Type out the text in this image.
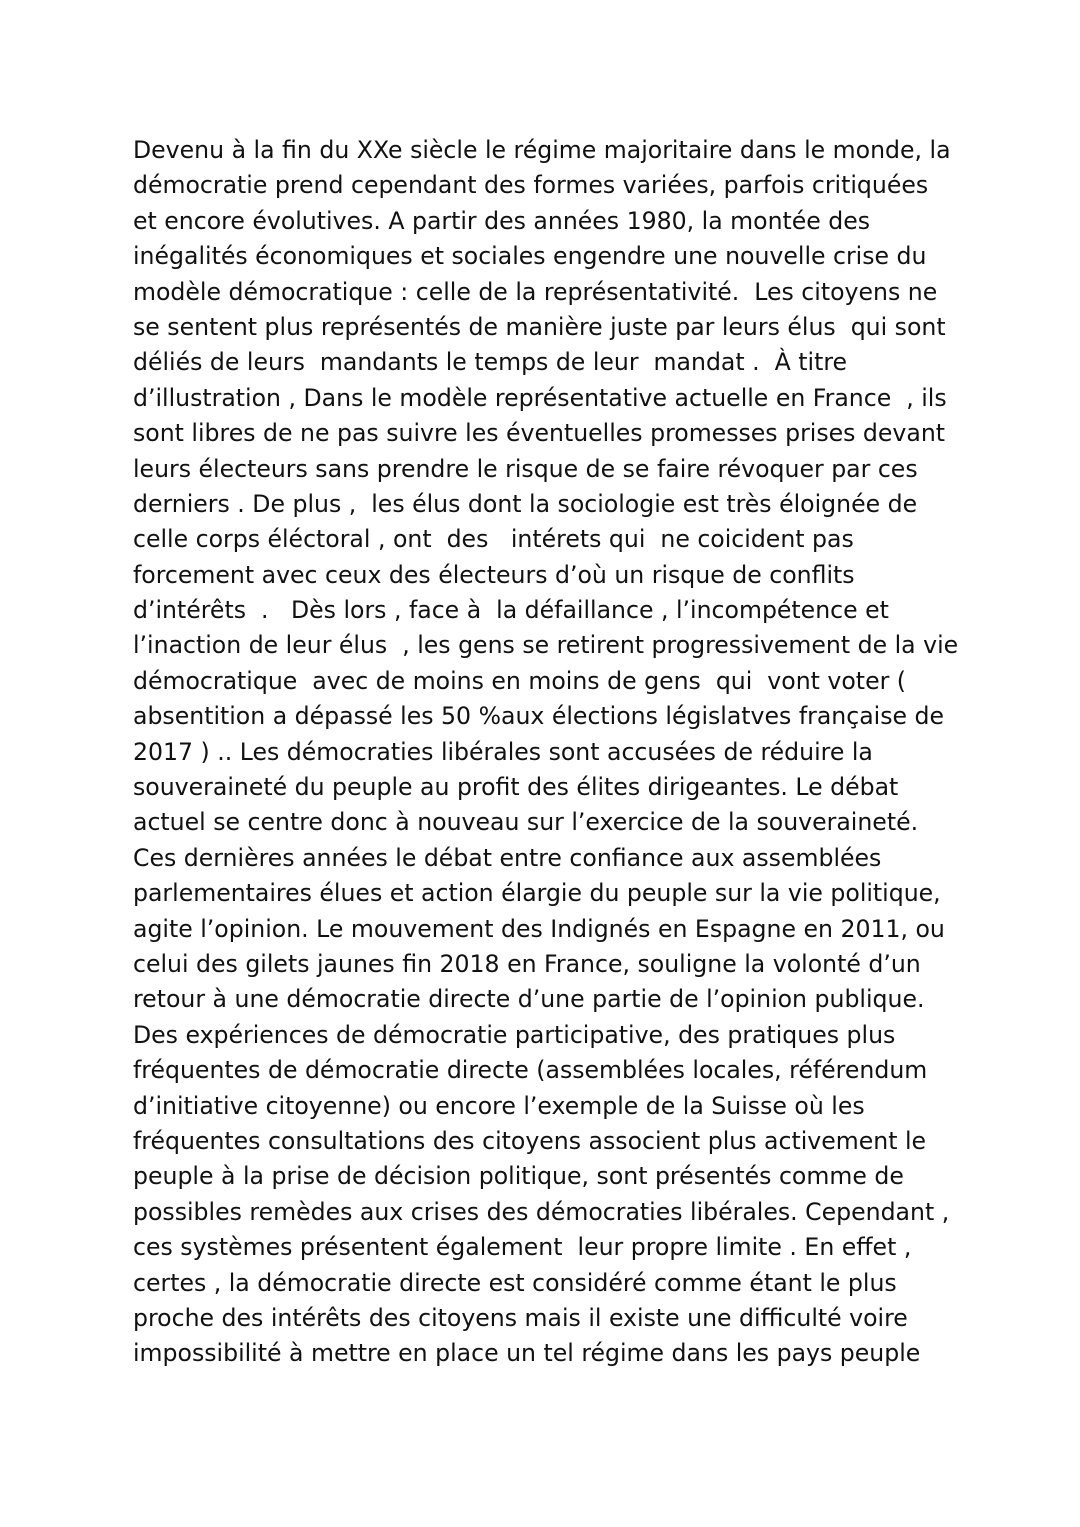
Devenu à la fin du XXe siècle le régime majoritaire dans le monde, la
démocratie prend cependant des formes variées, parfois critiquées
et encore évolutives. A partir des années 1980, la montée des
inégalités économiques et sociales engendre une nouvelle crise du
modèle démocratique : celle de la représentativité.  Les citoyens ne
se sentent plus représentés de manière juste par leurs élus  qui sont
déliés de leurs  mandants le temps de leur  mandat .  À titre
d’illustration , Dans le modèle représentative actuelle en France  , ils
sont libres de ne pas suivre les éventuelles promesses prises devant
leurs électeurs sans prendre le risque de se faire révoquer par ces
derniers . De plus ,  les élus dont la sociologie est très éloignée de
celle corps éléctoral , ont  des   intérets qui  ne coicident pas
forcement avec ceux des électeurs d’où un risque de conflits
d’intérêts  .   Dès lors , face à  la défaillance , l’incompétence et
l’inaction de leur élus  , les gens se retirent progressivement de la vie
démocratique  avec de moins en moins de gens  qui  vont voter (
absentition a dépassé les 50 %aux élections législatves française de
2017 ) .. Les démocraties libérales sont accusées de réduire la
souveraineté du peuple au profit des élites dirigeantes. Le débat
actuel se centre donc à nouveau sur l’exercice de la souveraineté.
Ces dernières années le débat entre confiance aux assemblées
parlementaires élues et action élargie du peuple sur la vie politique,
agite l’opinion. Le mouvement des Indignés en Espagne en 2011, ou
celui des gilets jaunes fin 2018 en France, souligne la volonté d’un
retour à une démocratie directe d’une partie de l’opinion publique.
Des expériences de démocratie participative, des pratiques plus
fréquentes de démocratie directe (assemblées locales, référendum
d’initiative citoyenne) ou encore l’exemple de la Suisse où les
fréquentes consultations des citoyens associent plus activement le
peuple à la prise de décision politique, sont présentés comme de
possibles remèdes aux crises des démocraties libérales. Cependant ,
ces systèmes présentent également  leur propre limite . En effet ,
certes , la démocratie directe est considéré comme étant le plus
proche des intérêts des citoyens mais il existe une difficulté voire
impossibilité à mettre en place un tel régime dans les pays peuple
